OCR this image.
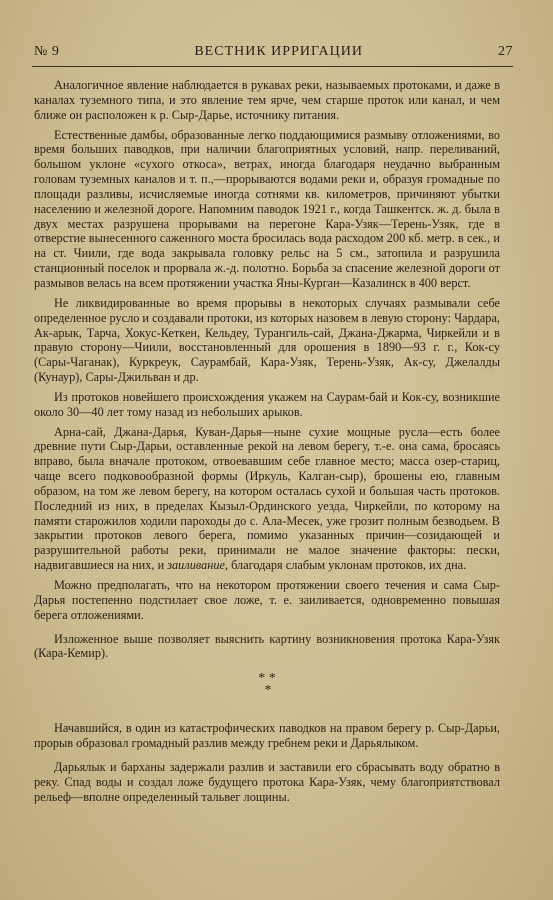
№ 9	ВЕСТНИК ИРРИГАЦИИ	27

Аналогичное явление наблюдается в рукавах реки, называемых протоками, и даже в каналах туземного типа, и это явление тем ярче, чем старше проток или канал, и чем ближе он расположен к р. Сыр-Дарье, источнику питания.

Естественные дамбы, образованные легко поддающимися размыву отложениями, во время больших паводков, при наличии благоприятных условий, напр. переливаний, большом уклоне «сухого откоса», ветрах, иногда благодаря неудачно выбранным головам туземных каналов и т. п.,—прорываются водами реки и, образуя громадные по площади разливы, исчисляемые иногда сотнями кв. километров, причиняют убытки населению и железной дороге. Напомним паводок 1921 г., когда Ташкентск. ж. д. была в двух местах разрушена прорывами на перегоне Кара-Узяк—Терень-Узяк, где в отверстие вынесенного саженного моста бросилась вода расходом 200 кб. метр. в сек., и на ст. Чиили, где вода закрывала головку рельс на 5 см., затопила и разрушила станционный поселок и прорвала ж.-д. полотно. Борьба за спасение железной дороги от размывов велась на всем протяжении участка Яны-Курган—Казалинск в 400 верст.

Не ликвидированные во время прорывы в некоторых случаях размывали себе определенное русло и создавали протоки, из которых назовем в левую сторону: Чардара, Ак-арык, Тарча, Хокус-Кеткен, Кельдеу, Турангиль-сай, Джана-Джарма, Чиркейли и в правую сторону—Чиили, восстановленный для орошения в 1890—93 г. г., Кок-су (Сары-Чаганак), Куркреук, Саурамбай, Кара-Узяк, Терень-Узяк, Ак-су, Джелалды (Кунаур), Сары-Джильван и др.

Из протоков новейшего происхождения укажем на Саурам-бай и Кок-су, возникшие около 30—40 лет тому назад из небольших арыков.

Арна-сай, Джана-Дарья, Куван-Дарья—ныне сухие мощные русла—есть более древние пути Сыр-Дарьи, оставленные рекой на левом берегу, т.-е. она сама, бросаясь вправо, была вначале протоком, отвоевавшим себе главное место; масса озер-стариц, чаще всего подковообразной формы (Иркуль, Калган-сыр), брошены ею, главным образом, на том же левом берегу, на котором осталась сухой и большая часть протоков. Последний из них, в пределах Кызыл-Ординского уезда, Чиркейли, по которому на памяти старожилов ходили пароходы до с. Ала-Месек, уже грозит полным безводьем. В закрытии протоков левого берега, помимо указанных причин—созидающей и разрушительной работы реки, принимали не малое значение факторы: пески, надвигавшиеся на них, и заиливание, благодаря слабым уклонам протоков, их дна.

Можно предполагать, что на некотором протяжении своего течения и сама Сыр-Дарья постепенно подстилает свое ложе, т. е. заиливается, одновременно повышая берега отложениями.

Изложенное выше позволяет выяснить картину возникновения протока Кара-Узяк (Кара-Кемир).

* *
*

Начавшийся, в один из катастрофических паводков на правом берегу р. Сыр-Дарьи, прорыв образовал громадный разлив между гребнем реки и Дарьялыком.

Дарьялык и барханы задержали разлив и заставили его сбрасывать воду обратно в реку. Спад воды и создал ложе будущего протока Кара-Узяк, чему благоприятствовал рельеф—вполне определенный тальвег лощины.
